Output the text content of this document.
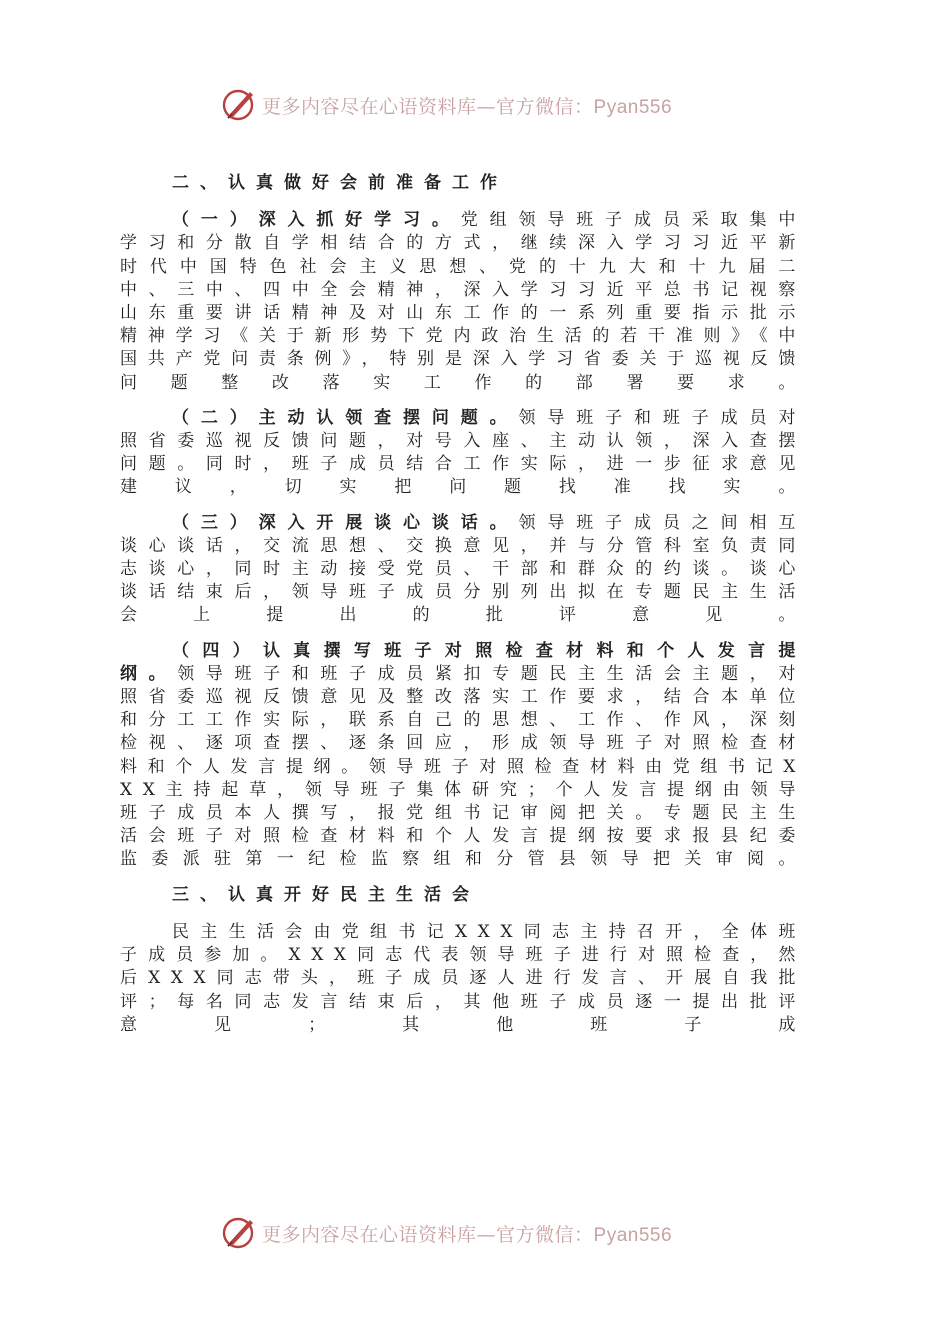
更多内容尽在心语资料库—官方微信：Pyan556

二、认真做好会前准备工作

（一）深入抓好学习。党组领导班子成员采取集中学习和分散自学相结合的方式，继续深入学习习近平新时代中国特色社会主义思想、党的十九大和十九届二中、三中、四中全会精神，深入学习习近平总书记视察山东重要讲话精神及对山东工作的一系列重要指示批示精神学习《关于新形势下党内政治生活的若干准则》《中国共产党问责条例》，特别是深入学习省委关于巡视反馈问题整改落实工作的部署要求。

（二）主动认领查摆问题。领导班子和班子成员对照省委巡视反馈问题，对号入座、主动认领，深入查摆问题。同时，班子成员结合工作实际，进一步征求意见建议，切实把问题找准找实。

（三）深入开展谈心谈话。领导班子成员之间相互谈心谈话，交流思想、交换意见，并与分管科室负责同志谈心，同时主动接受党员、干部和群众的约谈。谈心谈话结束后，领导班子成员分别列出拟在专题民主生活会上提出的批评意见。

（四）认真撰写班子对照检查材料和个人发言提纲。领导班子和班子成员紧扣专题民主生活会主题，对照省委巡视反馈意见及整改落实工作要求，结合本单位和分工工作实际，联系自己的思想、工作、作风，深刻检视、逐项查摆、逐条回应，形成领导班子对照检查材料和个人发言提纲。领导班子对照检查材料由党组书记XXX主持起草，领导班子集体研究；个人发言提纲由领导班子成员本人撰写，报党组书记审阅把关。专题民主生活会班子对照检查材料和个人发言提纲按要求报县纪委监委派驻第一纪检监察组和分管县领导把关审阅。

三、认真开好民主生活会

民主生活会由党组书记XXX同志主持召开，全体班子成员参加。XXX同志代表领导班子进行对照检查，然后XXX同志带头，班子成员逐人进行发言、开展自我批评；每名同志发言结束后，其他班子成员逐一提出批评意见；其他班子成

更多内容尽在心语资料库—官方微信：Pyan556
